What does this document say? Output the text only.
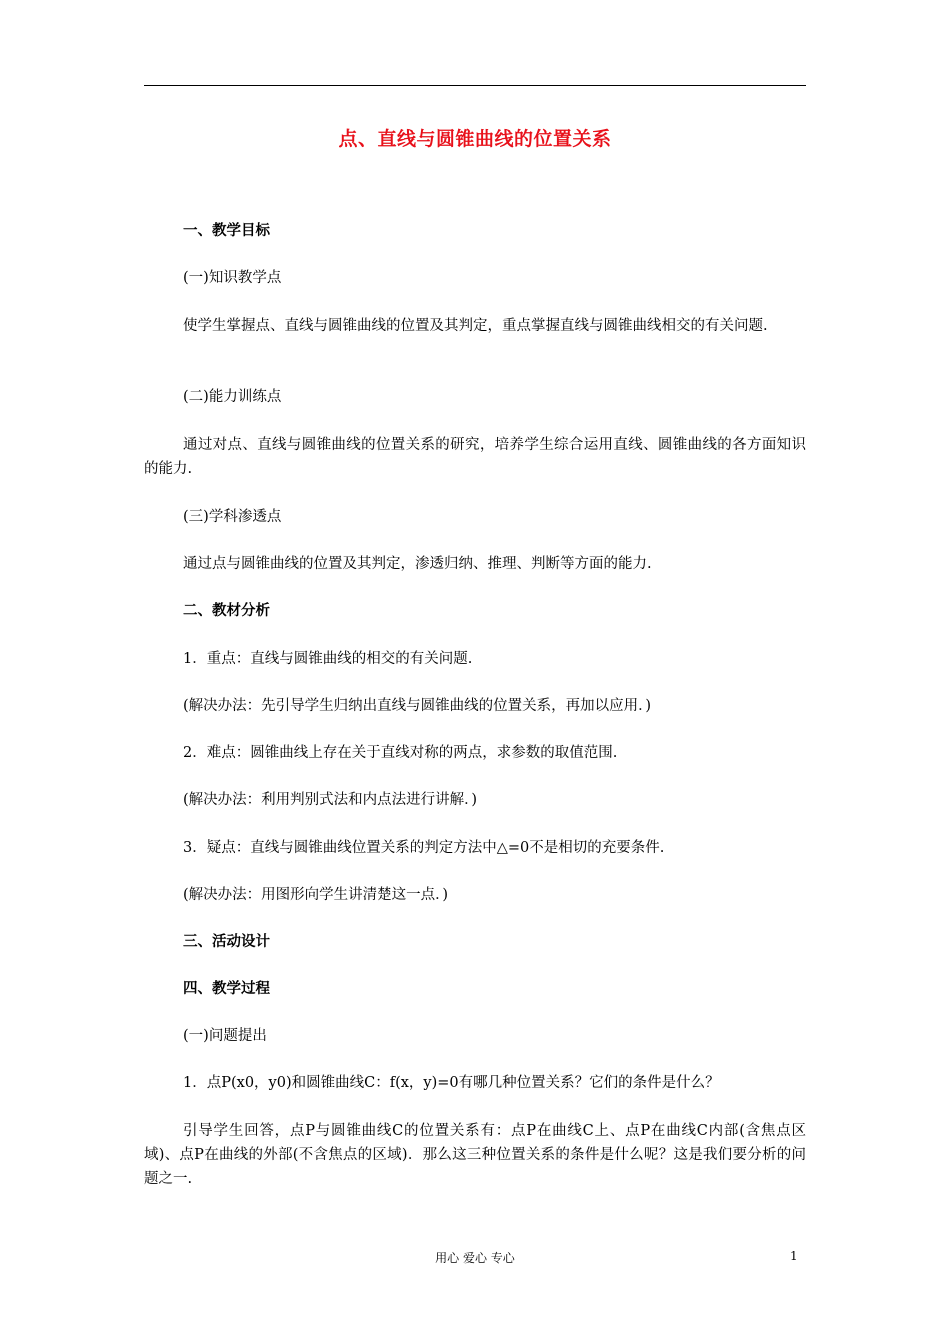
点、直线与圆锥曲线的位置关系
一、教学目标
(一)知识教学点
使学生掌握点、直线与圆锥曲线的位置及其判定，重点掌握直线与圆锥曲线相交的有关问题.
(二)能力训练点
通过对点、直线与圆锥曲线的位置关系的研究，培养学生综合运用直线、圆锥曲线的各方面知识的能力.
(三)学科渗透点
通过点与圆锥曲线的位置及其判定，渗透归纳、推理、判断等方面的能力.
二、教材分析
1．重点：直线与圆锥曲线的相交的有关问题.
(解决办法：先引导学生归纳出直线与圆锥曲线的位置关系，再加以应用．)
2．难点：圆锥曲线上存在关于直线对称的两点，求参数的取值范围.
(解决办法：利用判别式法和内点法进行讲解．)
3．疑点：直线与圆锥曲线位置关系的判定方法中△=0不是相切的充要条件.
(解决办法：用图形向学生讲清楚这一点．)
三、活动设计
四、教学过程
(一)问题提出
1．点P(x0，y0)和圆锥曲线C：f(x，y)=0有哪几种位置关系？它们的条件是什么？
引导学生回答，点P与圆锥曲线C的位置关系有：点P在曲线C上、点P在曲线C内部(含焦点区域)、点P在曲线的外部(不含焦点的区域)．那么这三种位置关系的条件是什么呢？这是我们要分析的问题之一.
用心 爱心 专心	1
